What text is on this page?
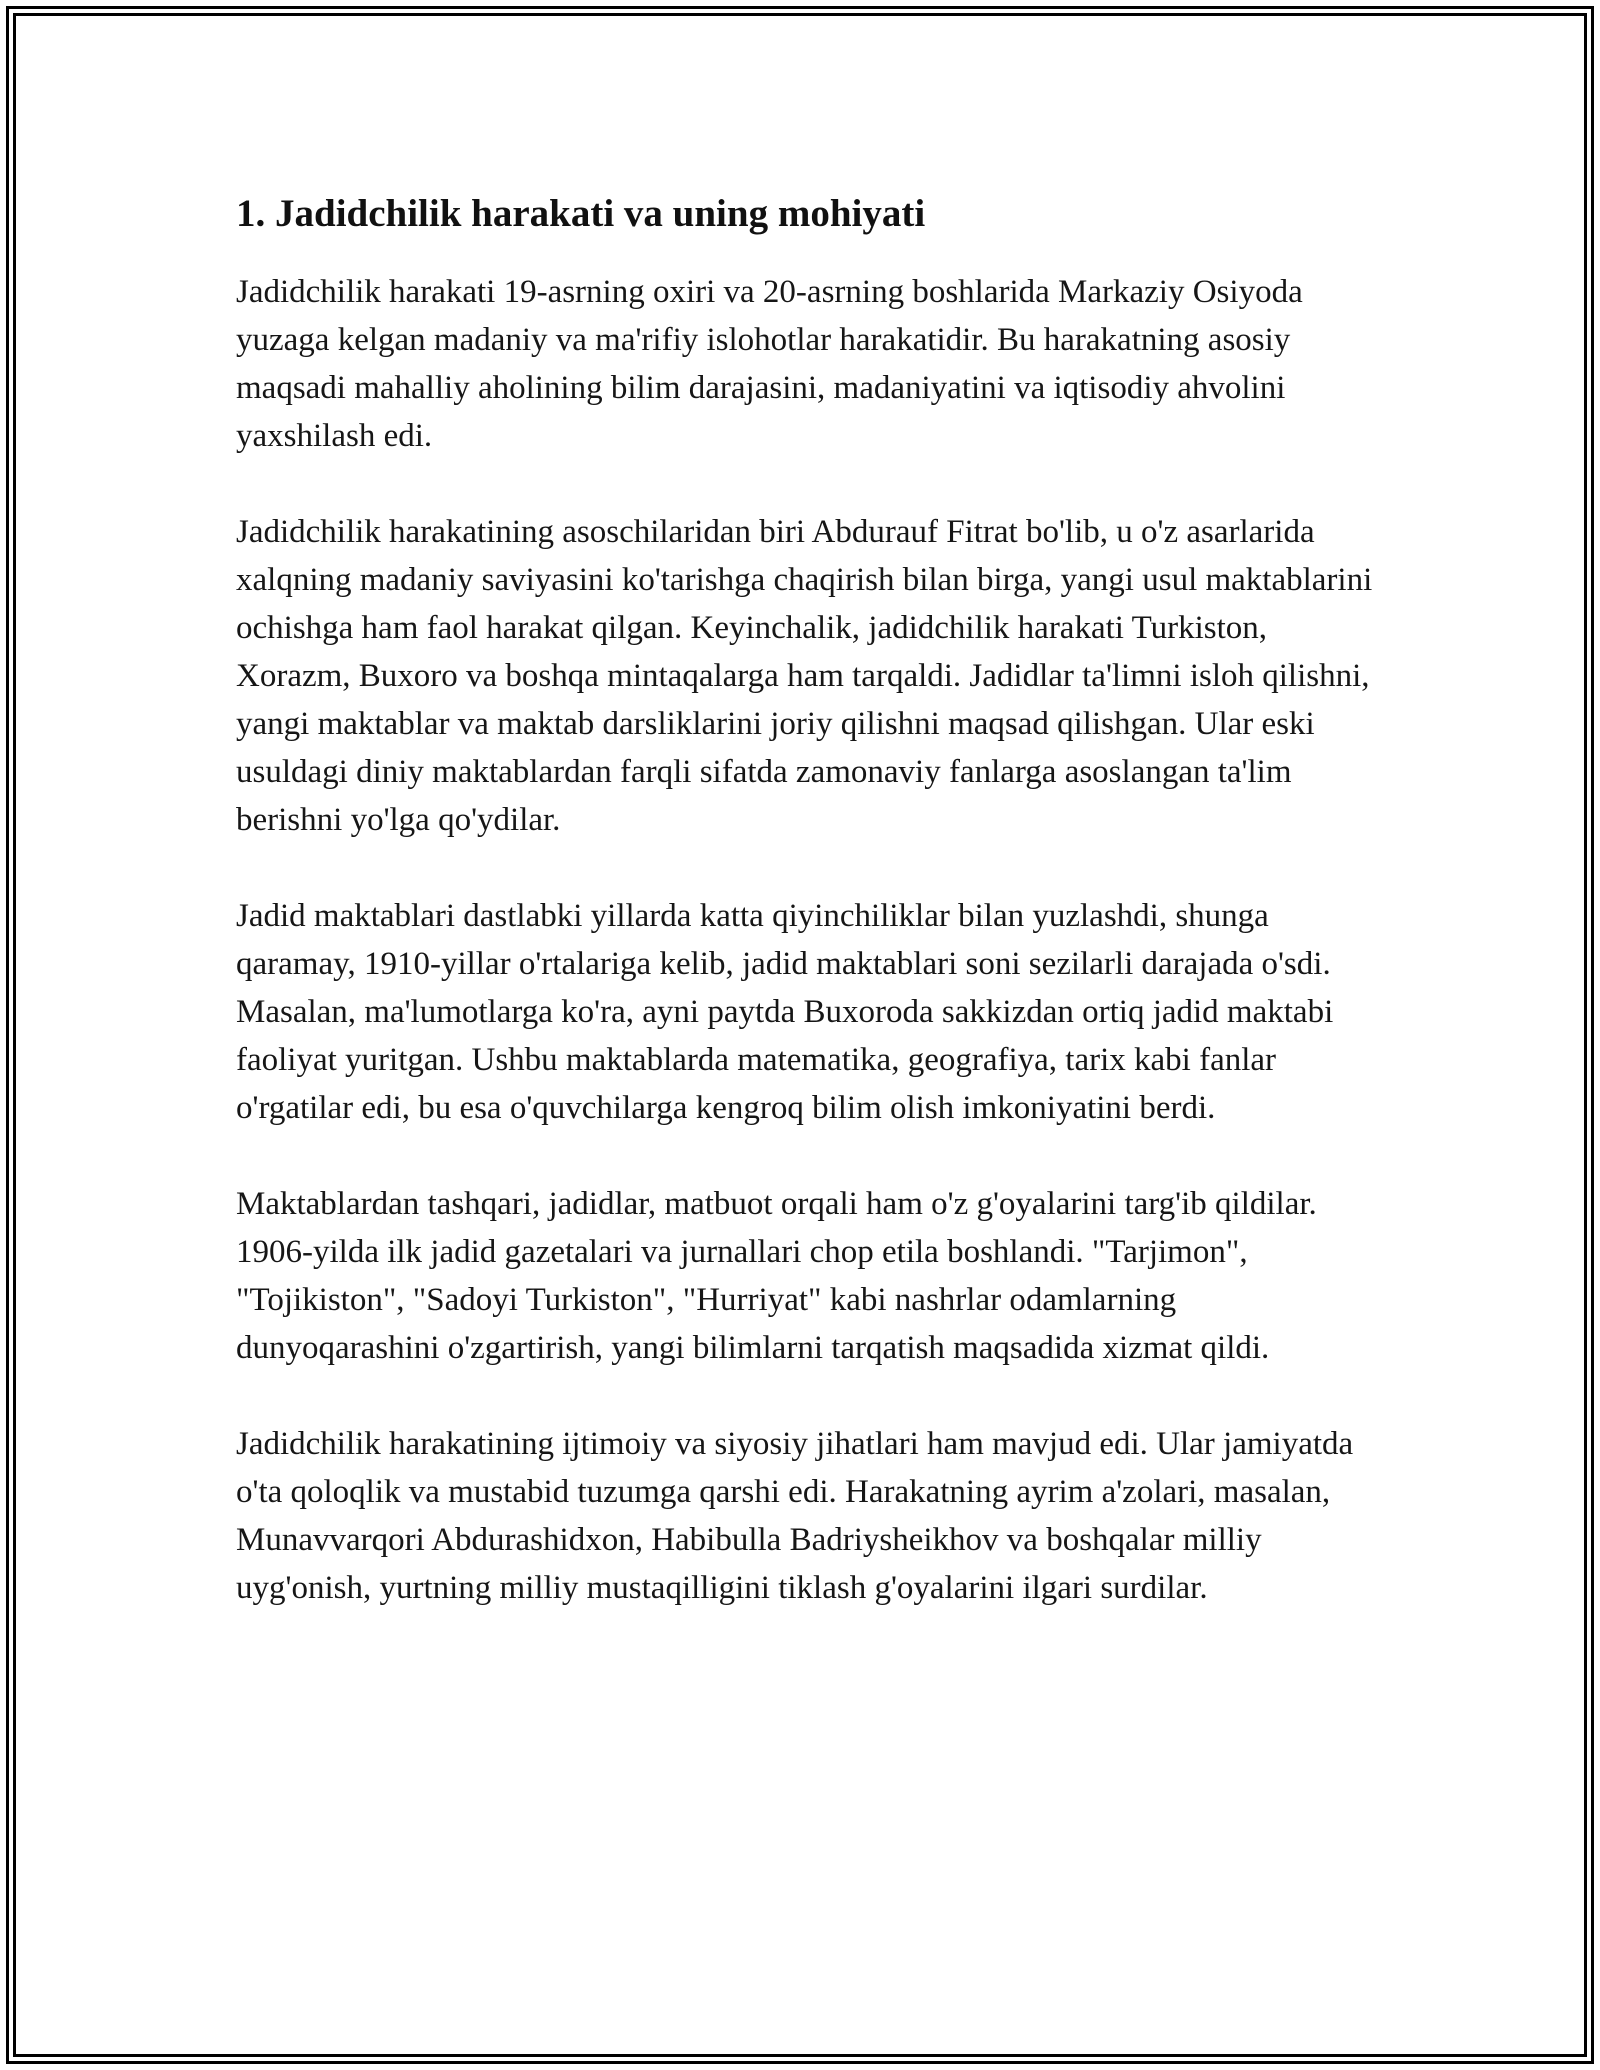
1. Jadidchilik harakati va uning mohiyati

Jadidchilik harakati 19-asrning oxiri va 20-asrning boshlarida Markaziy Osiyoda yuzaga kelgan madaniy va ma'rifiy islohotlar harakatidir. Bu harakatning asosiy maqsadi mahalliy aholining bilim darajasini, madaniyatini va iqtisodiy ahvolini yaxshilash edi.

Jadidchilik harakatining asoschilaridan biri Abdurauf Fitrat bo'lib, u o'z asarlarida xalqning madaniy saviyasini ko'tarishga chaqirish bilan birga, yangi usul maktablarini ochishga ham faol harakat qilgan. Keyinchalik, jadidchilik harakati Turkiston, Xorazm, Buxoro va boshqa mintaqalarga ham tarqaldi. Jadidlar ta'limni isloh qilishni, yangi maktablar va maktab darsliklarini joriy qilishni maqsad qilishgan. Ular eski usuldagi diniy maktablardan farqli sifatda zamonaviy fanlarga asoslangan ta'lim berishni yo'lga qo'ydilar.

Jadid maktablari dastlabki yillarda katta qiyinchiliklar bilan yuzlashdi, shunga qaramay, 1910-yillar o'rtalariga kelib, jadid maktablari soni sezilarli darajada o'sdi. Masalan, ma'lumotlarga ko'ra, ayni paytda Buxoroda sakkizdan ortiq jadid maktabi faoliyat yuritgan. Ushbu maktablarda matematika, geografiya, tarix kabi fanlar o'rgatilar edi, bu esa o'quvchilarga kengroq bilim olish imkoniyatini berdi.

Maktablardan tashqari, jadidlar, matbuot orqali ham o'z g'oyalarini targ'ib qildilar. 1906-yilda ilk jadid gazetalari va jurnallari chop etila boshlandi. "Tarjimon", "Tojikiston", "Sadoyi Turkiston", "Hurriyat" kabi nashrlar odamlarning dunyoqarashini o'zgartirish, yangi bilimlarni tarqatish maqsadida xizmat qildi.

Jadidchilik harakatining ijtimoiy va siyosiy jihatlari ham mavjud edi. Ular jamiyatda o'ta qoloqlik va mustabid tuzumga qarshi edi. Harakatning ayrim a'zolari, masalan, Munavvarqori Abdurashidxon, Habibulla Badriysheikhov va boshqalar milliy uyg'onish, yurtning milliy mustaqilligini tiklash g'oyalarini ilgari surdilar.
